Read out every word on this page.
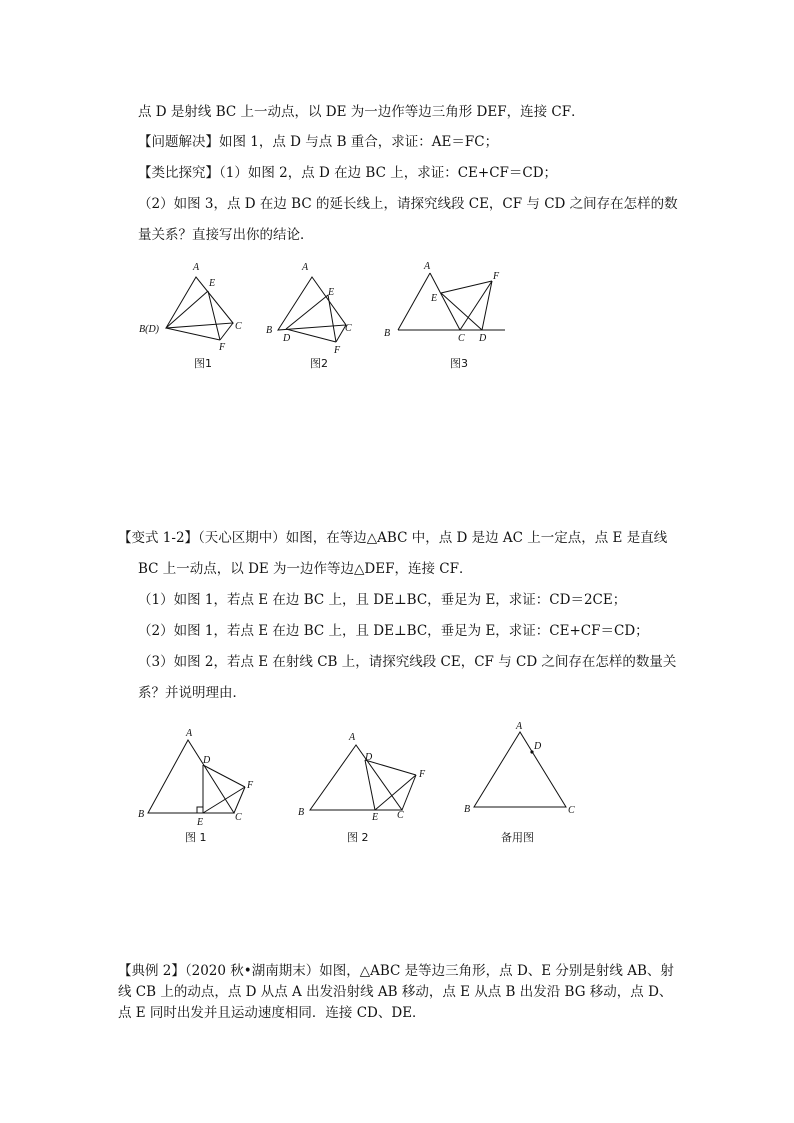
点 D 是射线 BC 上一动点，以 DE 为一边作等边三角形 DEF，连接 CF．
【问题解决】如图 1，点 D 与点 B 重合，求证：AE＝FC；
【类比探究】（1）如图 2，点 D 在边 BC 上，求证：CE+CF＝CD；
（2）如图 3，点 D 在边 BC 的延长线上，请探究线段 CE，CF 与 CD 之间存在怎样的数
量关系？直接写出你的结论．
A
E
B(D)	C
F
图1
A
E
B
D
C
F
图2
A
F
E
B	C D
图3
【变式 1-2】（天心区期中）如图，在等边△ABC 中，点 D 是边 AC 上一定点，点 E 是直线
BC 上一动点，以 DE 为一边作等边△DEF，连接 CF．
（1）如图 1，若点 E 在边 BC 上，且 DE⊥BC，垂足为 E，求证：CD＝2CE；
（2）如图 1，若点 E 在边 BC 上，且 DE⊥BC，垂足为 E，求证：CE+CF＝CD；
（3）如图 2，若点 E 在射线 CB 上，请探究线段 CE，CF 与 CD 之间存在怎样的数量关
系？并说明理由．
A
D
F
B
E	C
图 1
A
D
F
B	E C
图 2
A
D
B	C
备用图
【典例 2】（2020 秋•湖南期末）如图，△ABC 是等边三角形，点 D、E 分别是射线 AB、射
线 CB 上的动点，点 D 从点 A 出发沿射线 AB 移动，点 E 从点 B 出发沿 BG 移动，点 D、
点 E 同时出发并且运动速度相同．连接 CD、DE．
